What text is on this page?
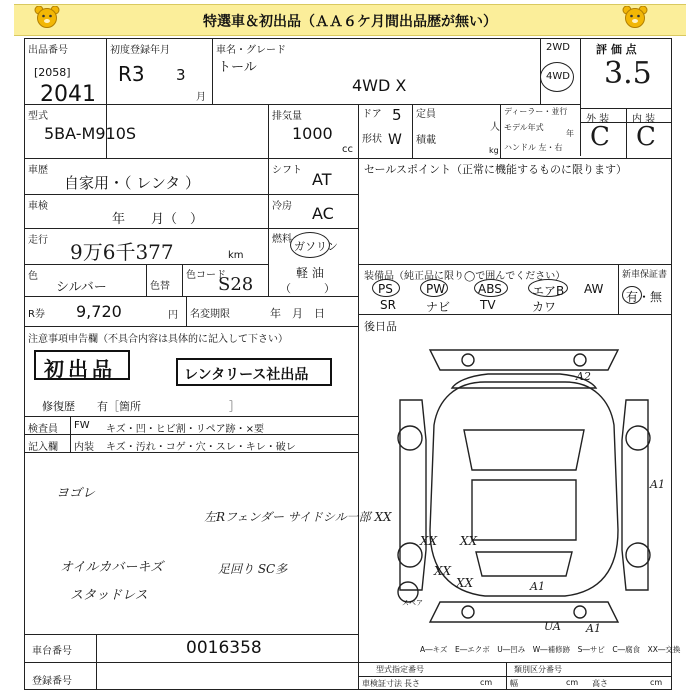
特選車＆初出品（ＡＡ６ケ月間出品歴が無い）
出品番号
[2058]
2041
初度登録年月
R3 3
月
車名・グレード
トール
4WD X
2WD
4WD
評 価 点
3.5
型式
5BA-M910S
排気量
1000
cc
ドア 5
形状 W
定員
人
積載
kg
ディーラー・並行
モデル年式
年
ハンドル 左・右
外 装 内 装
C C
車歴
自家用・（ レンタ ）
シフト AT
車検
年　　月（　）
冷房 AC
走行 9万6千377	km
燃料
ガソリン
軽 油
（　　　）
色
シルバー	色替
色コード
S28
R券 9,720	円 名変期限	年　月　日
セールスポイント（正常に機能するものに限ります）
装備品（純正品に限り◯で囲んでください）
PS	PW	ABS	エアB AW
SR	ナビ TV	カワ
新車保証書
有・無
後日品
注意事項申告欄（不具合内容は具体的に記入して下さい）
初出品	レンタリース社出品
修復歴　　有［箇所　　　　　　　　］
検査員 FW キズ・凹・ヒビ割・リペア跡・×要
記入欄 内装 キズ・汚れ・コゲ・穴・スレ・キレ・破レ
ヨゴレ
オイルカバーキズ
スタッドレス
左Rフェンダー サイドシル一部 XX
足回り SC多
A2
A1
XX XX
XX
XX	A1
UA A1
スペア
A―キズ　E―エクボ　U―凹み　W―補修跡　S―サビ　C―腐食　XX―交換
車台番号	0016358
登録番号
型式指定番号	類別区分番号
車検証寸法 長さ	cm 幅	cm 高さ	cm
